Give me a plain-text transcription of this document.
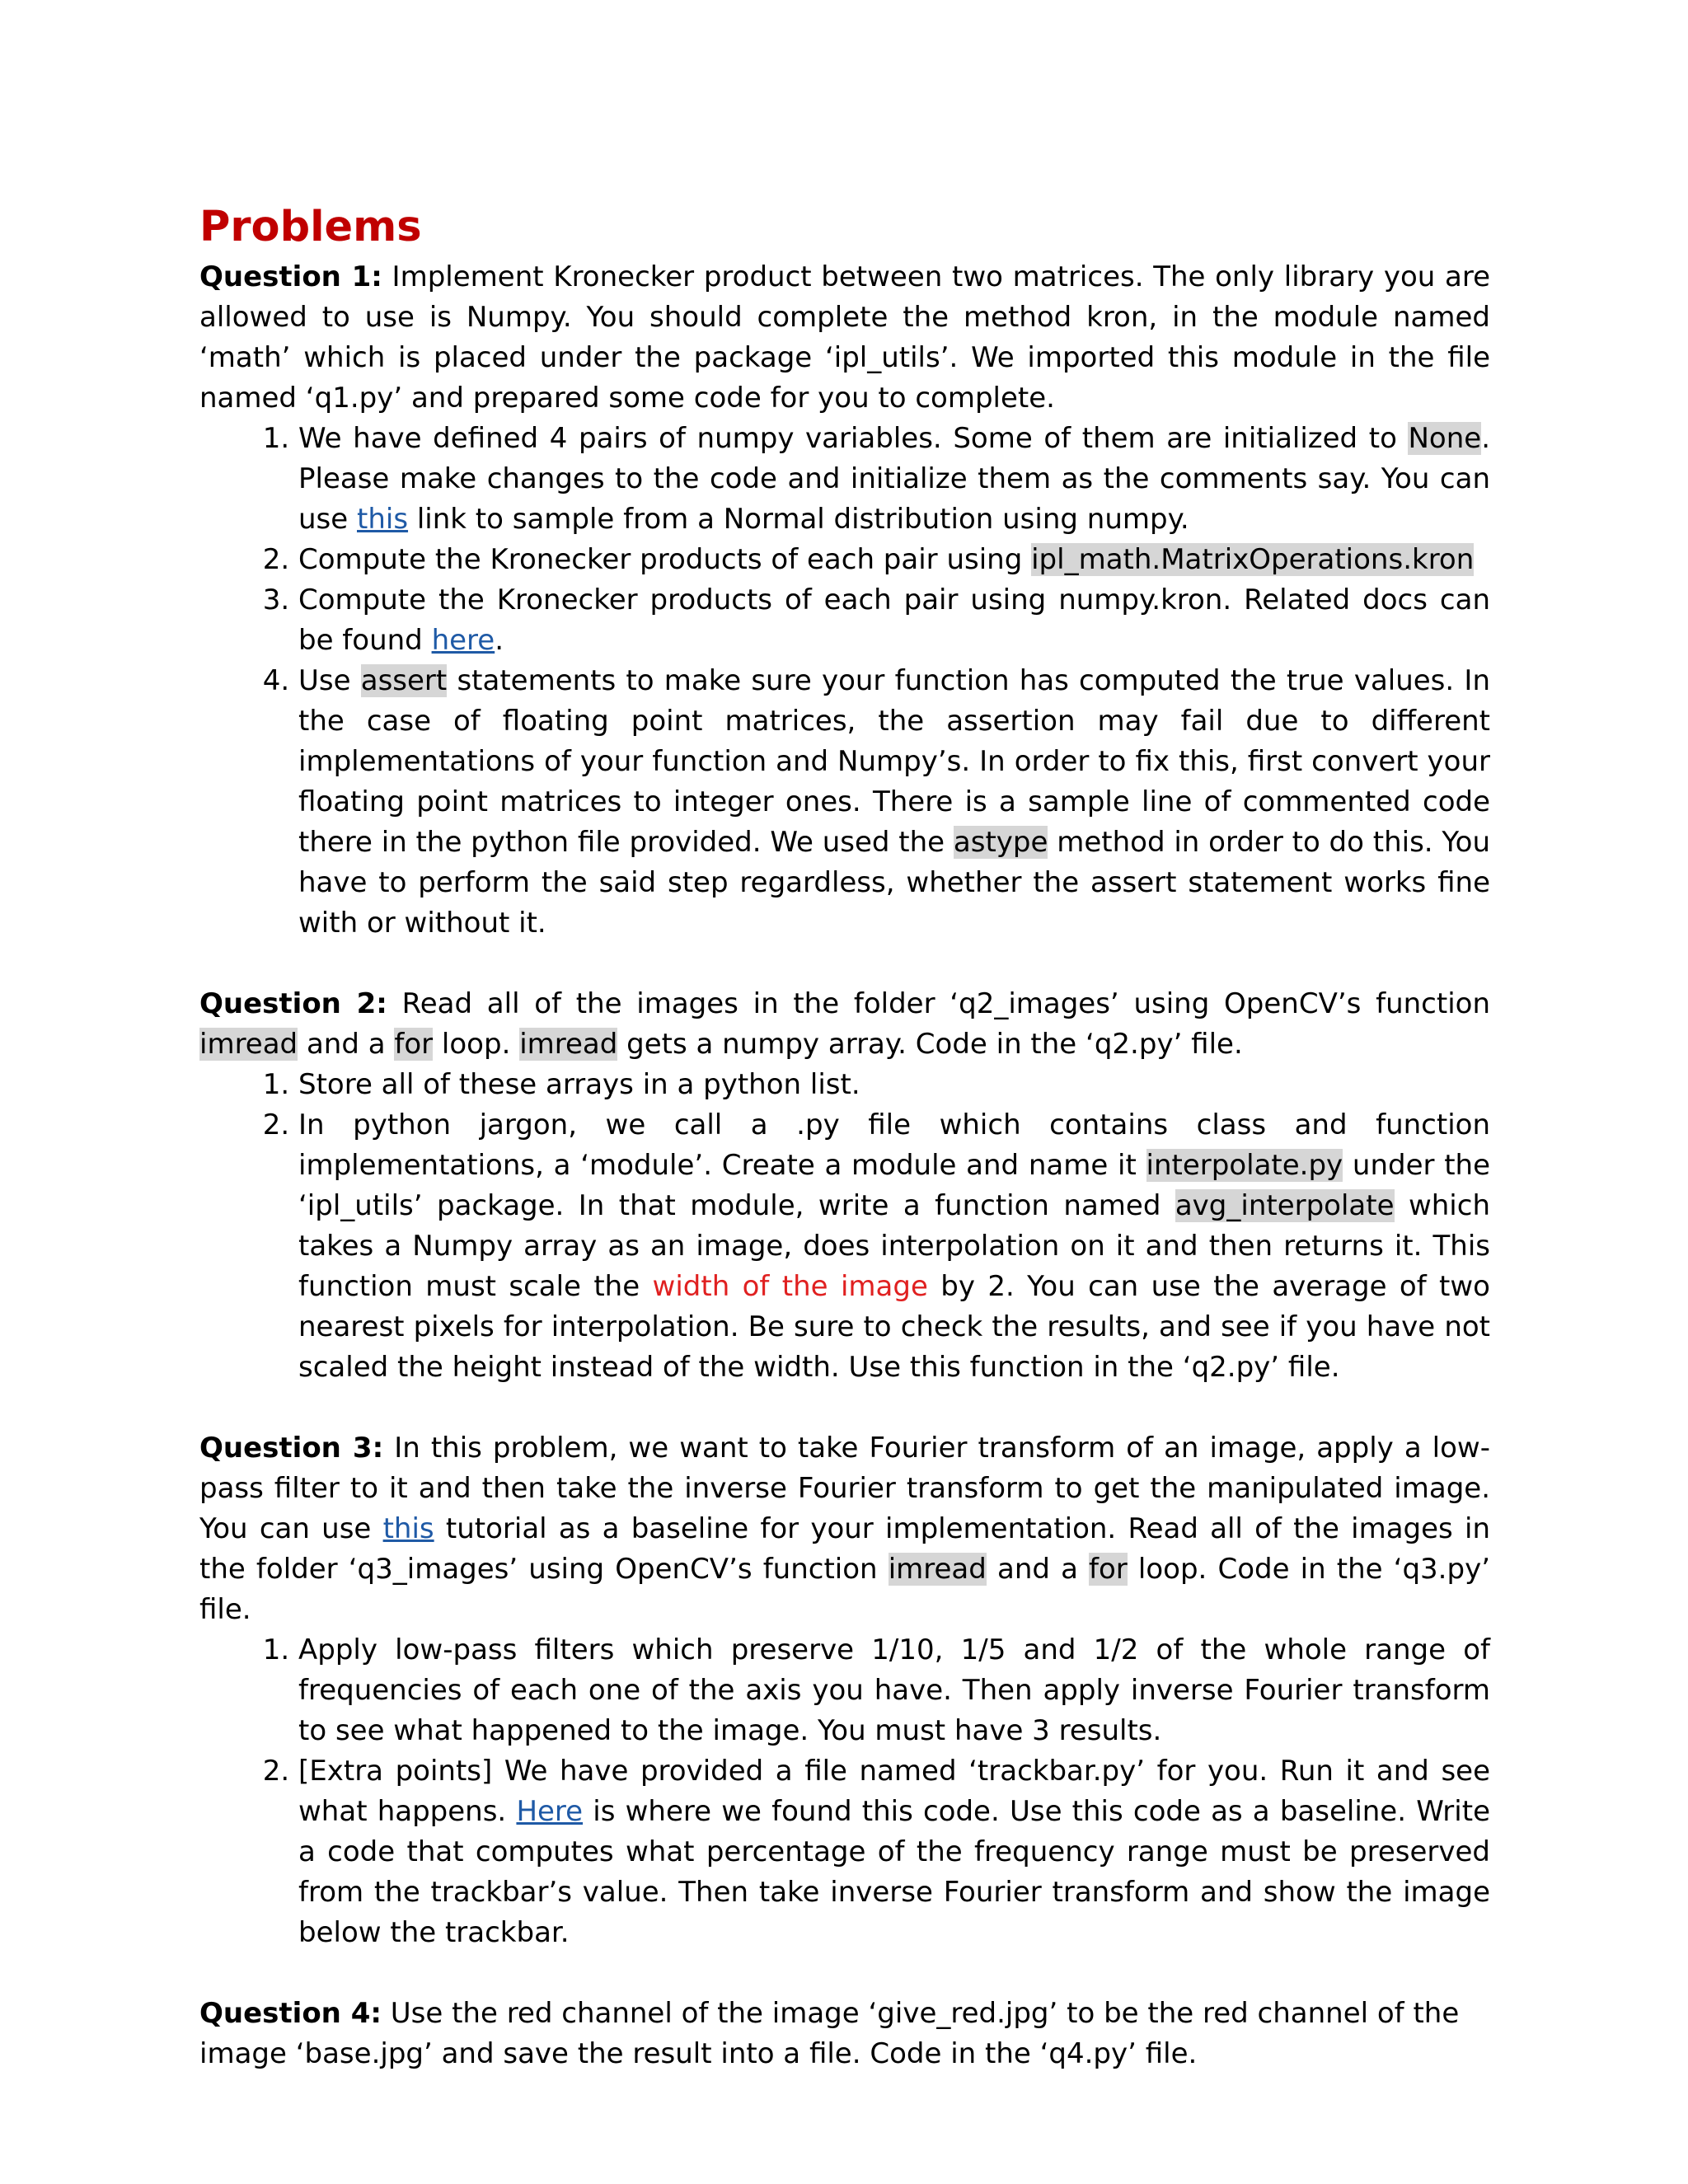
Problems

Question 1: Implement Kronecker product between two matrices. The only library you are allowed to use is Numpy. You should complete the method kron, in the module named ‘math’ which is placed under the package ‘ipl_utils’. We imported this module in the file named ‘q1.py’ and prepared some code for you to complete.

1. We have defined 4 pairs of numpy variables. Some of them are initialized to None. Please make changes to the code and initialize them as the comments say. You can use this link to sample from a Normal distribution using numpy.
2. Compute the Kronecker products of each pair using ipl_math.MatrixOperations.kron
3. Compute the Kronecker products of each pair using numpy.kron. Related docs can be found here.
4. Use assert statements to make sure your function has computed the true values. In the case of floating point matrices, the assertion may fail due to different implementations of your function and Numpy’s. In order to fix this, first convert your floating point matrices to integer ones. There is a sample line of commented code there in the python file provided. We used the astype method in order to do this. You have to perform the said step regardless, whether the assert statement works fine with or without it.

Question 2: Read all of the images in the folder ‘q2_images’ using OpenCV’s function imread and a for loop. imread gets a numpy array. Code in the ‘q2.py’ file.

1. Store all of these arrays in a python list.
2. In python jargon, we call a .py file which contains class and function implementations, a ‘module’. Create a module and name it interpolate.py under the ‘ipl_utils’ package. In that module, write a function named avg_interpolate which takes a Numpy array as an image, does interpolation on it and then returns it. This function must scale the width of the image by 2. You can use the average of two nearest pixels for interpolation. Be sure to check the results, and see if you have not scaled the height instead of the width. Use this function in the ‘q2.py’ file.

Question 3: In this problem, we want to take Fourier transform of an image, apply a low-pass filter to it and then take the inverse Fourier transform to get the manipulated image. You can use this tutorial as a baseline for your implementation. Read all of the images in the folder ‘q3_images’ using OpenCV’s function imread and a for loop. Code in the ‘q3.py’ file.

1. Apply low-pass filters which preserve 1/10, 1/5 and 1/2 of the whole range of frequencies of each one of the axis you have. Then apply inverse Fourier transform to see what happened to the image. You must have 3 results.
2. [Extra points] We have provided a file named ‘trackbar.py’ for you. Run it and see what happens. Here is where we found this code. Use this code as a baseline. Write a code that computes what percentage of the frequency range must be preserved from the trackbar’s value. Then take inverse Fourier transform and show the image below the trackbar.

Question 4: Use the red channel of the image ‘give_red.jpg’ to be the red channel of the image ‘base.jpg’ and save the result into a file. Code in the ‘q4.py’ file.
